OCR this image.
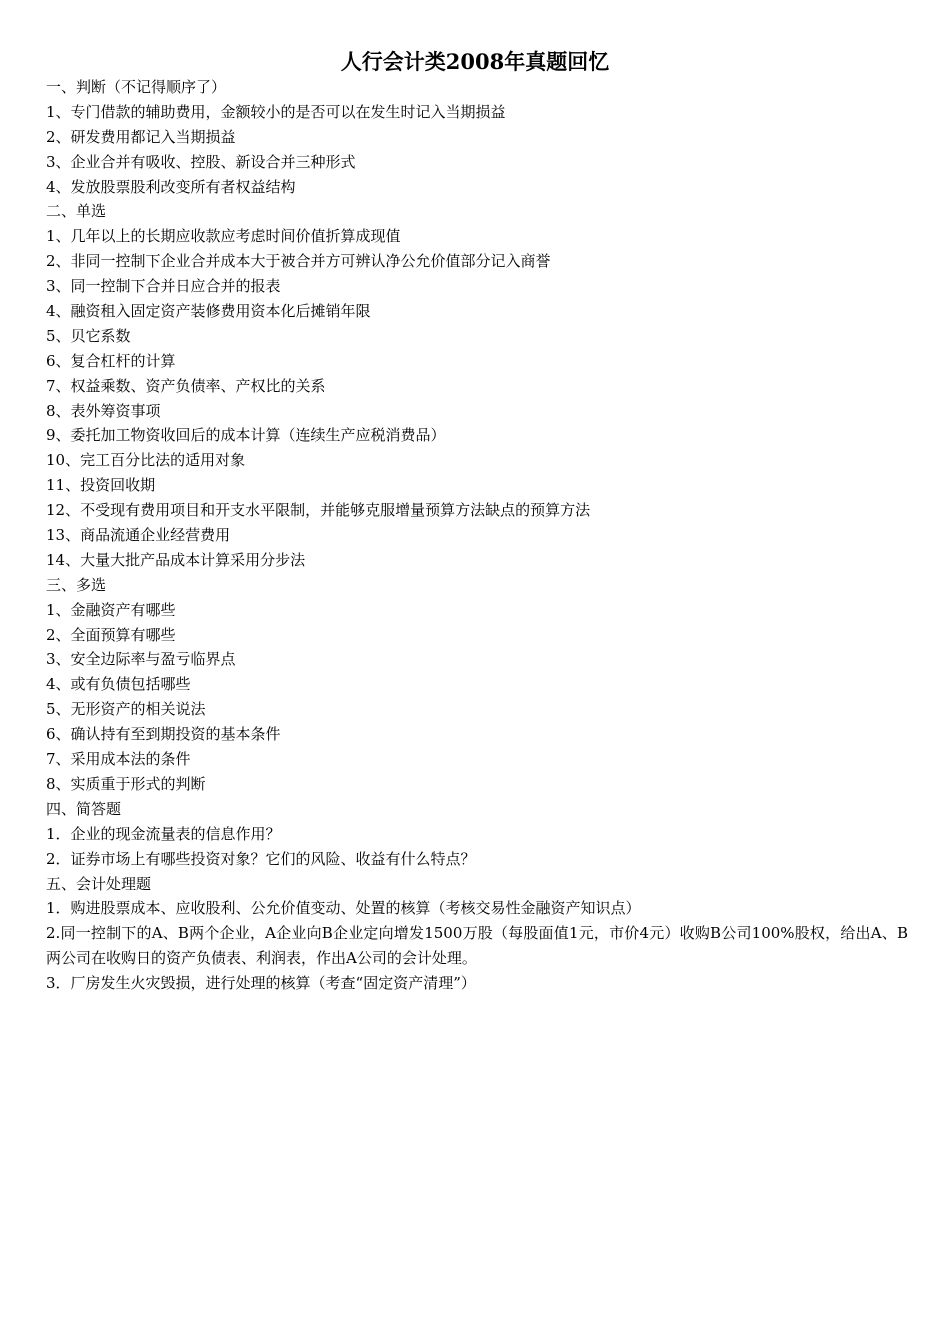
人行会计类2008年真题回忆
一、判断（不记得顺序了）
1、专门借款的辅助费用，金额较小的是否可以在发生时记入当期损益
2、研发费用都记入当期损益
3、企业合并有吸收、控股、新设合并三种形式
4、发放股票股利改变所有者权益结构
二、单选
1、几年以上的长期应收款应考虑时间价值折算成现值
2、非同一控制下企业合并成本大于被合并方可辨认净公允价值部分记入商誉
3、同一控制下合并日应合并的报表
4、融资租入固定资产装修费用资本化后摊销年限
5、贝它系数
6、复合杠杆的计算
7、权益乘数、资产负债率、产权比的关系
8、表外筹资事项
9、委托加工物资收回后的成本计算（连续生产应税消费品）
10、完工百分比法的适用对象
11、投资回收期
12、不受现有费用项目和开支水平限制，并能够克服增量预算方法缺点的预算方法
13、商品流通企业经营费用
14、大量大批产品成本计算采用分步法
三、多选
1、金融资产有哪些
2、全面预算有哪些
3、安全边际率与盈亏临界点
4、或有负债包括哪些
5、无形资产的相关说法
6、确认持有至到期投资的基本条件
7、采用成本法的条件
8、实质重于形式的判断
四、简答题
1．企业的现金流量表的信息作用？
2．证券市场上有哪些投资对象？它们的风险、收益有什么特点？
五、会计处理题
1．购进股票成本、应收股利、公允价值变动、处置的核算（考核交易性金融资产知识点）
2.同一控制下的A、B两个企业，A企业向B企业定向增发1500万股（每股面值1元，市价4元）收购B公司100%股权，给出A、B两公司在收购日的资产负债表、利润表，作出A公司的会计处理。
3．厂房发生火灾毁损，进行处理的核算（考查“固定资产清理”）
